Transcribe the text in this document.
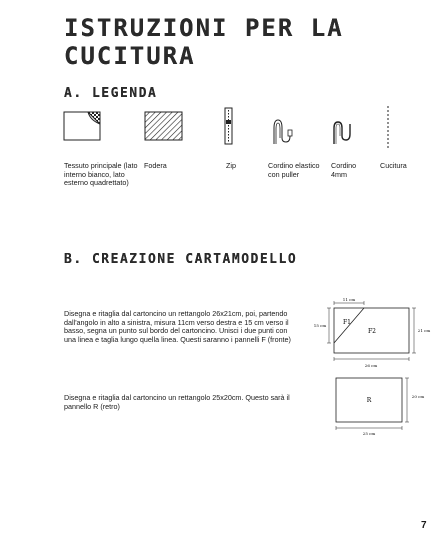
ISTRUZIONI PER LA CUCITURA
A. LEGENDA
Tessuto principale (lato interno bianco, lato esterno quadrettato)
Fodera	Zip	Cordino elastico con puller
Cordino 4mm
Cucitura
B. CREAZIONE CARTAMODELLO

Disegna e ritaglia dal cartoncino un rettangolo 26x21cm, poi, partendo dall'angolo in alto a sinistra, misura 11cm verso destra e 15 cm verso il basso, segna un punto sul bordo del cartoncino. Unisci i due punti con una linea e taglia lungo quella linea. Questi saranno i pannelli F (fronte)

Disegna e ritaglia dal cartoncino un rettangolo 25x20cm. Questo sarà il pannello R (retro)

11 cm
15 cm
21 cm
26 cm
F1
F2
R
20 cm
25 cm
7
